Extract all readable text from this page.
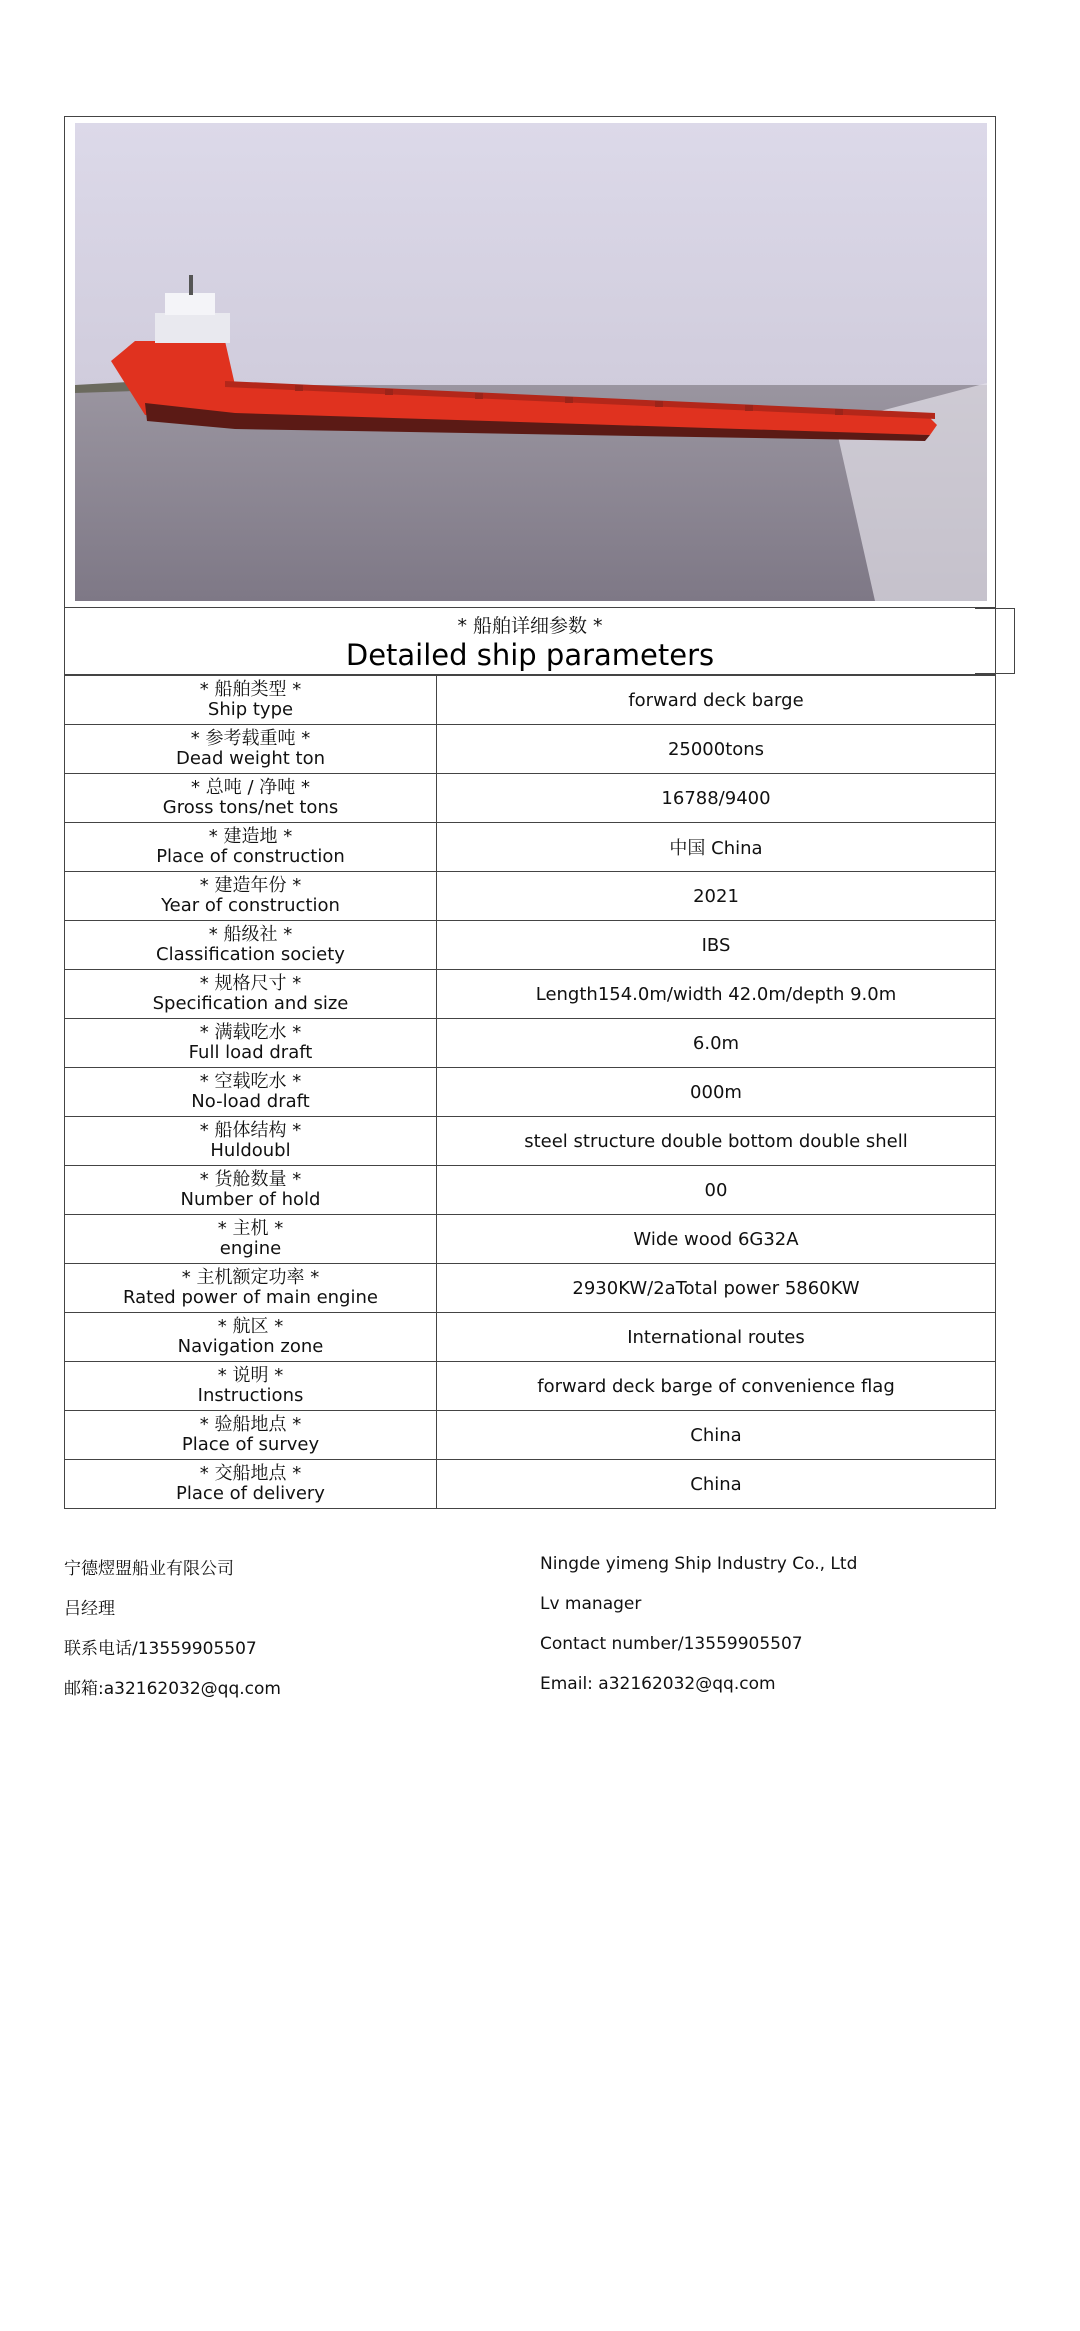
* 船舶详细参数 *
Detailed ship parameters
* 船舶类型 *
Ship type	forward deck barge

* 参考载重吨 *
Dead weight ton	25000tons

* 总吨 / 净吨 *
Gross tons/net tons	16788/9400

* 建造地 *
Place of construction	中国 China

* 建造年份 *
Year of construction	2021

* 船级社 *
Classification society	IBS

* 规格尺寸 *
Specification and size	Length154.0m/width 42.0m/depth 9.0m

* 满载吃水 *
Full load draft	6.0m

* 空载吃水 *
No-load draft	000m

* 船体结构 *
Huldoubl	steel structure double bottom double shell

* 货舱数量 *
Number of hold	00

* 主机 *
engine	Wide wood 6G32A

* 主机额定功率 *
Rated power of main engine	2930KW/2aTotal power 5860KW

* 航区 *
Navigation zone	International routes

* 说明 *
Instructions	forward deck barge of convenience flag

* 验船地点 *
Place of survey	China

* 交船地点 *
Place of delivery	China
宁德熤盟船业有限公司	Ningde yimeng Ship Industry Co., Ltd
吕经理	Lv manager
联系电话/13559905507	Contact number/13559905507
邮箱:a32162032@qq.com	Email: a32162032@qq.com
